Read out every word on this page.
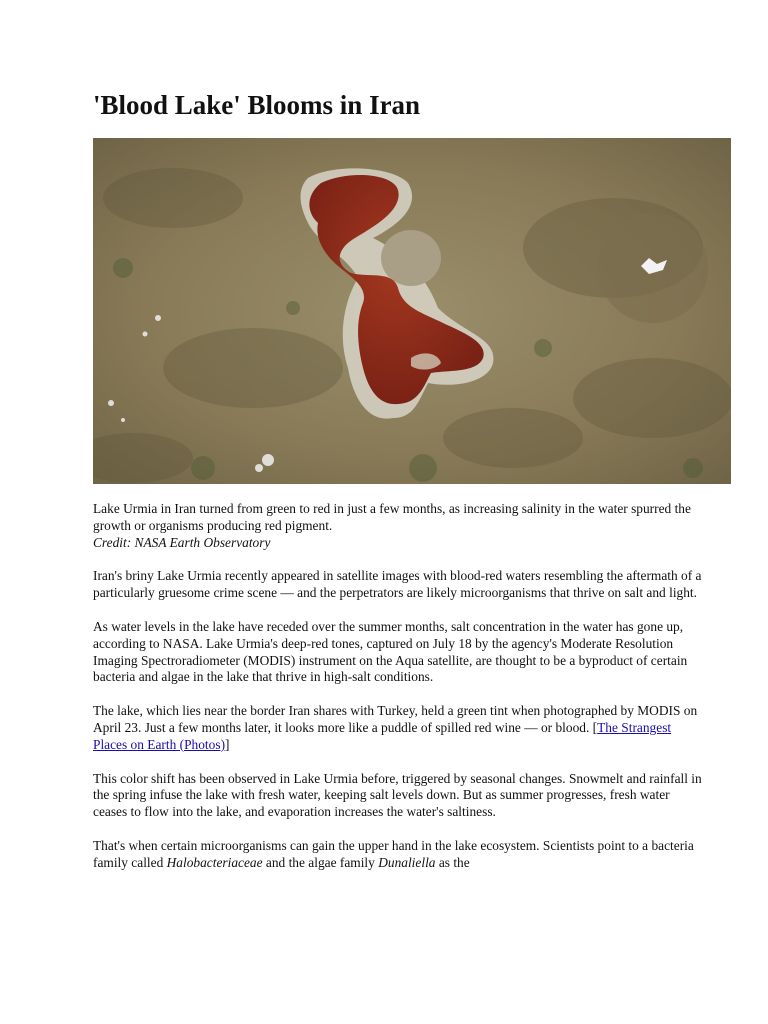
'Blood Lake' Blooms in Iran

Lake Urmia in Iran turned from green to red in just a few months, as increasing salinity in the water spurred the growth or organisms producing red pigment.

Credit: NASA Earth Observatory

Iran's briny Lake Urmia recently appeared in satellite images with blood-red waters resembling the aftermath of a particularly gruesome crime scene — and the perpetrators are likely microorganisms that thrive on salt and light.

As water levels in the lake have receded over the summer months, salt concentration in the water has gone up, according to NASA. Lake Urmia's deep-red tones, captured on July 18 by the agency's Moderate Resolution Imaging Spectroradiometer (MODIS) instrument on the Aqua satellite, are thought to be a byproduct of certain bacteria and algae in the lake that thrive in high-salt conditions.

The lake, which lies near the border Iran shares with Turkey, held a green tint when photographed by MODIS on April 23. Just a few months later, it looks more like a puddle of spilled red wine — or blood. [The Strangest Places on Earth (Photos)]

This color shift has been observed in Lake Urmia before, triggered by seasonal changes. Snowmelt and rainfall in the spring infuse the lake with fresh water, keeping salt levels down. But as summer progresses, fresh water ceases to flow into the lake, and evaporation increases the water's saltiness.

That's when certain microorganisms can gain the upper hand in the lake ecosystem. Scientists point to a bacteria family called Halobacteriaceae and the algae family Dunaliella as the
